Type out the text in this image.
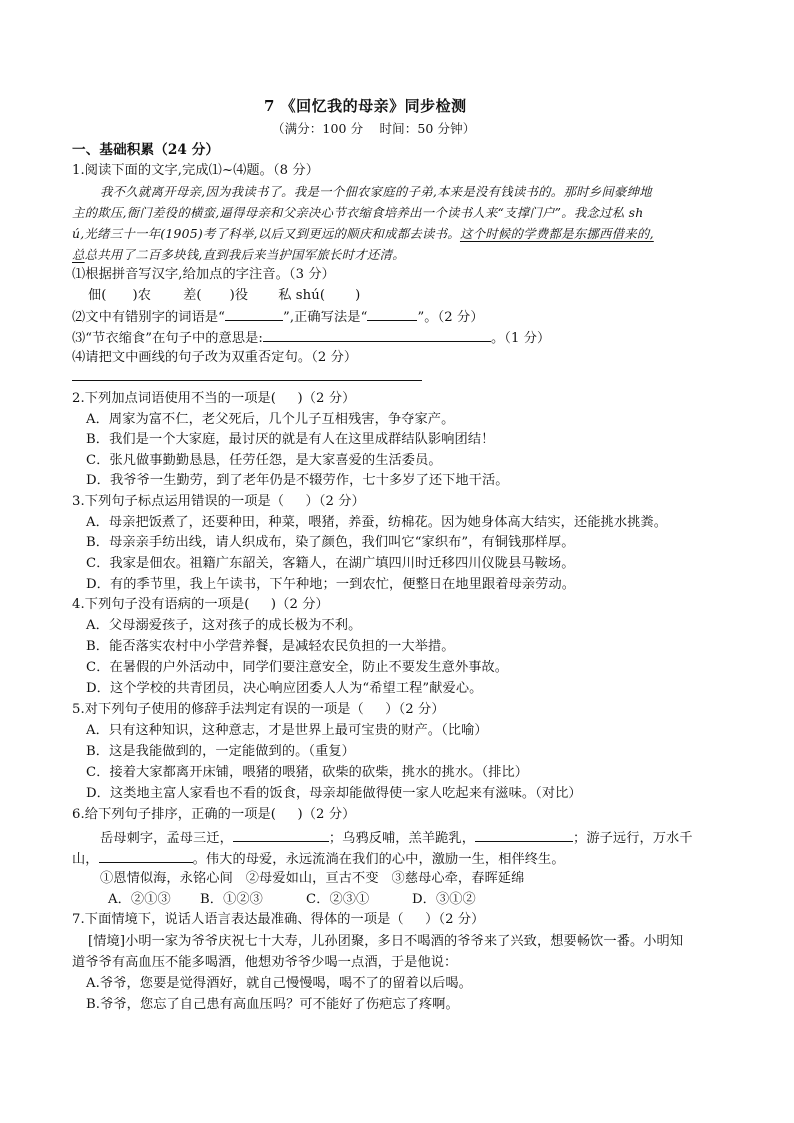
7 《回忆我的母亲》同步检测
（满分：100 分    时间：50 分钟）
一、基础积累（24 分）
1.阅读下面的文字,完成⑴~⑷题。（8 分）
我不久就离开母亲,因为我读书了。我是一个佃农家庭的子弟,本来是没有钱读书的。那时乡间豪绅地
主的欺压,衙门差役的横蛮,逼得母亲和父亲决心节衣缩食培养出一个读书人来“支撑门户”。我念过私 sh
ú,光绪三十一年(1905)考了科举,以后又到更远的顺庆和成都去读书。这个时候的学费都是东挪西借来的,
总总共用了二百多块钱,直到我后来当护国军旅长时才还清。
⑴根据拼音写汉字,给加点的字注音。（3 分）
佃( )农 差( )役 私 shú( )
⑵文中有错别字的词语是“	”,正确写法是“	”。（2 分）
⑶“节衣缩食”在句子中的意思是:	。（1 分）
⑷请把文中画线的句子改为双重否定句。（2 分）
2.下列加点词语使用不当的一项是(     )（2 分）
A．周家为富不仁，老父死后，几个儿子互相残害，争夺家产。
B．我们是一个大家庭，最讨厌的就是有人在这里成群结队影响团结！
C．张凡做事勤勤恳恳，任劳任怨，是大家喜爱的生活委员。
D．我爷爷一生勤劳，到了老年仍是不辍劳作，七十多岁了还下地干活。
3.下列句子标点运用错误的一项是（     ）（2 分）
A．母亲把饭煮了，还要种田，种菜，喂猪，养蚕，纺棉花。因为她身体高大结实，还能挑水挑粪。
B．母亲亲手纺出线，请人织成布，染了颜色，我们叫它“家织布”，有铜钱那样厚。
C．我家是佃农。祖籍广东韶关，客籍人，在湖广填四川时迁移四川仪陇县马鞍场。
D．有的季节里，我上午读书，下午种地；一到农忙，便整日在地里跟着母亲劳动。
4.下列句子没有语病的一项是(     )（2 分）
A．父母溺爱孩子，这对孩子的成长极为不利。
B．能否落实农村中小学营养餐，是减轻农民负担的一大举措。
C．在暑假的户外活动中，同学们要注意安全，防止不要发生意外事故。
D．这个学校的共青团员，决心响应团委人人为“希望工程”献爱心。
5.对下列句子使用的修辞手法判定有误的一项是（     ）（2 分）
A．只有这种知识，这种意志，才是世界上最可宝贵的财产。（比喻）
B．这是我能做到的，一定能做到的。（重复）
C．接着大家都离开床铺，喂猪的喂猪，砍柴的砍柴，挑水的挑水。（排比）
D．这类地主富人家看也不看的饭食，母亲却能做得使一家人吃起来有滋味。（对比）
6.给下列句子排序，正确的一项是(     )（2 分）
岳母刺字，孟母三迁，	；乌鸦反哺，羔羊跪乳，	；游子远行，万水千
山，	。伟大的母爱，永远流淌在我们的心中，激励一生，相伴终生。
①恩情似海，永铭心间   ②母爱如山，亘古不变   ③慈母心牵，春晖延绵
A．②①③ B．①②③	C．②③①	D．③①②
7.下面情境下，说话人语言表达最准确、得体的一项是（     ）（2 分）
[情境]小明一家为爷爷庆祝七十大寿，儿孙团聚，多日不喝酒的爷爷来了兴致，想要畅饮一番。小明知
道爷爷有高血压不能多喝酒，他想劝爷爷少喝一点酒，于是他说：
A.爷爷，您要是觉得酒好，就自己慢慢喝，喝不了的留着以后喝。
B.爷爷，您忘了自己患有高血压吗？可不能好了伤疤忘了疼啊。
